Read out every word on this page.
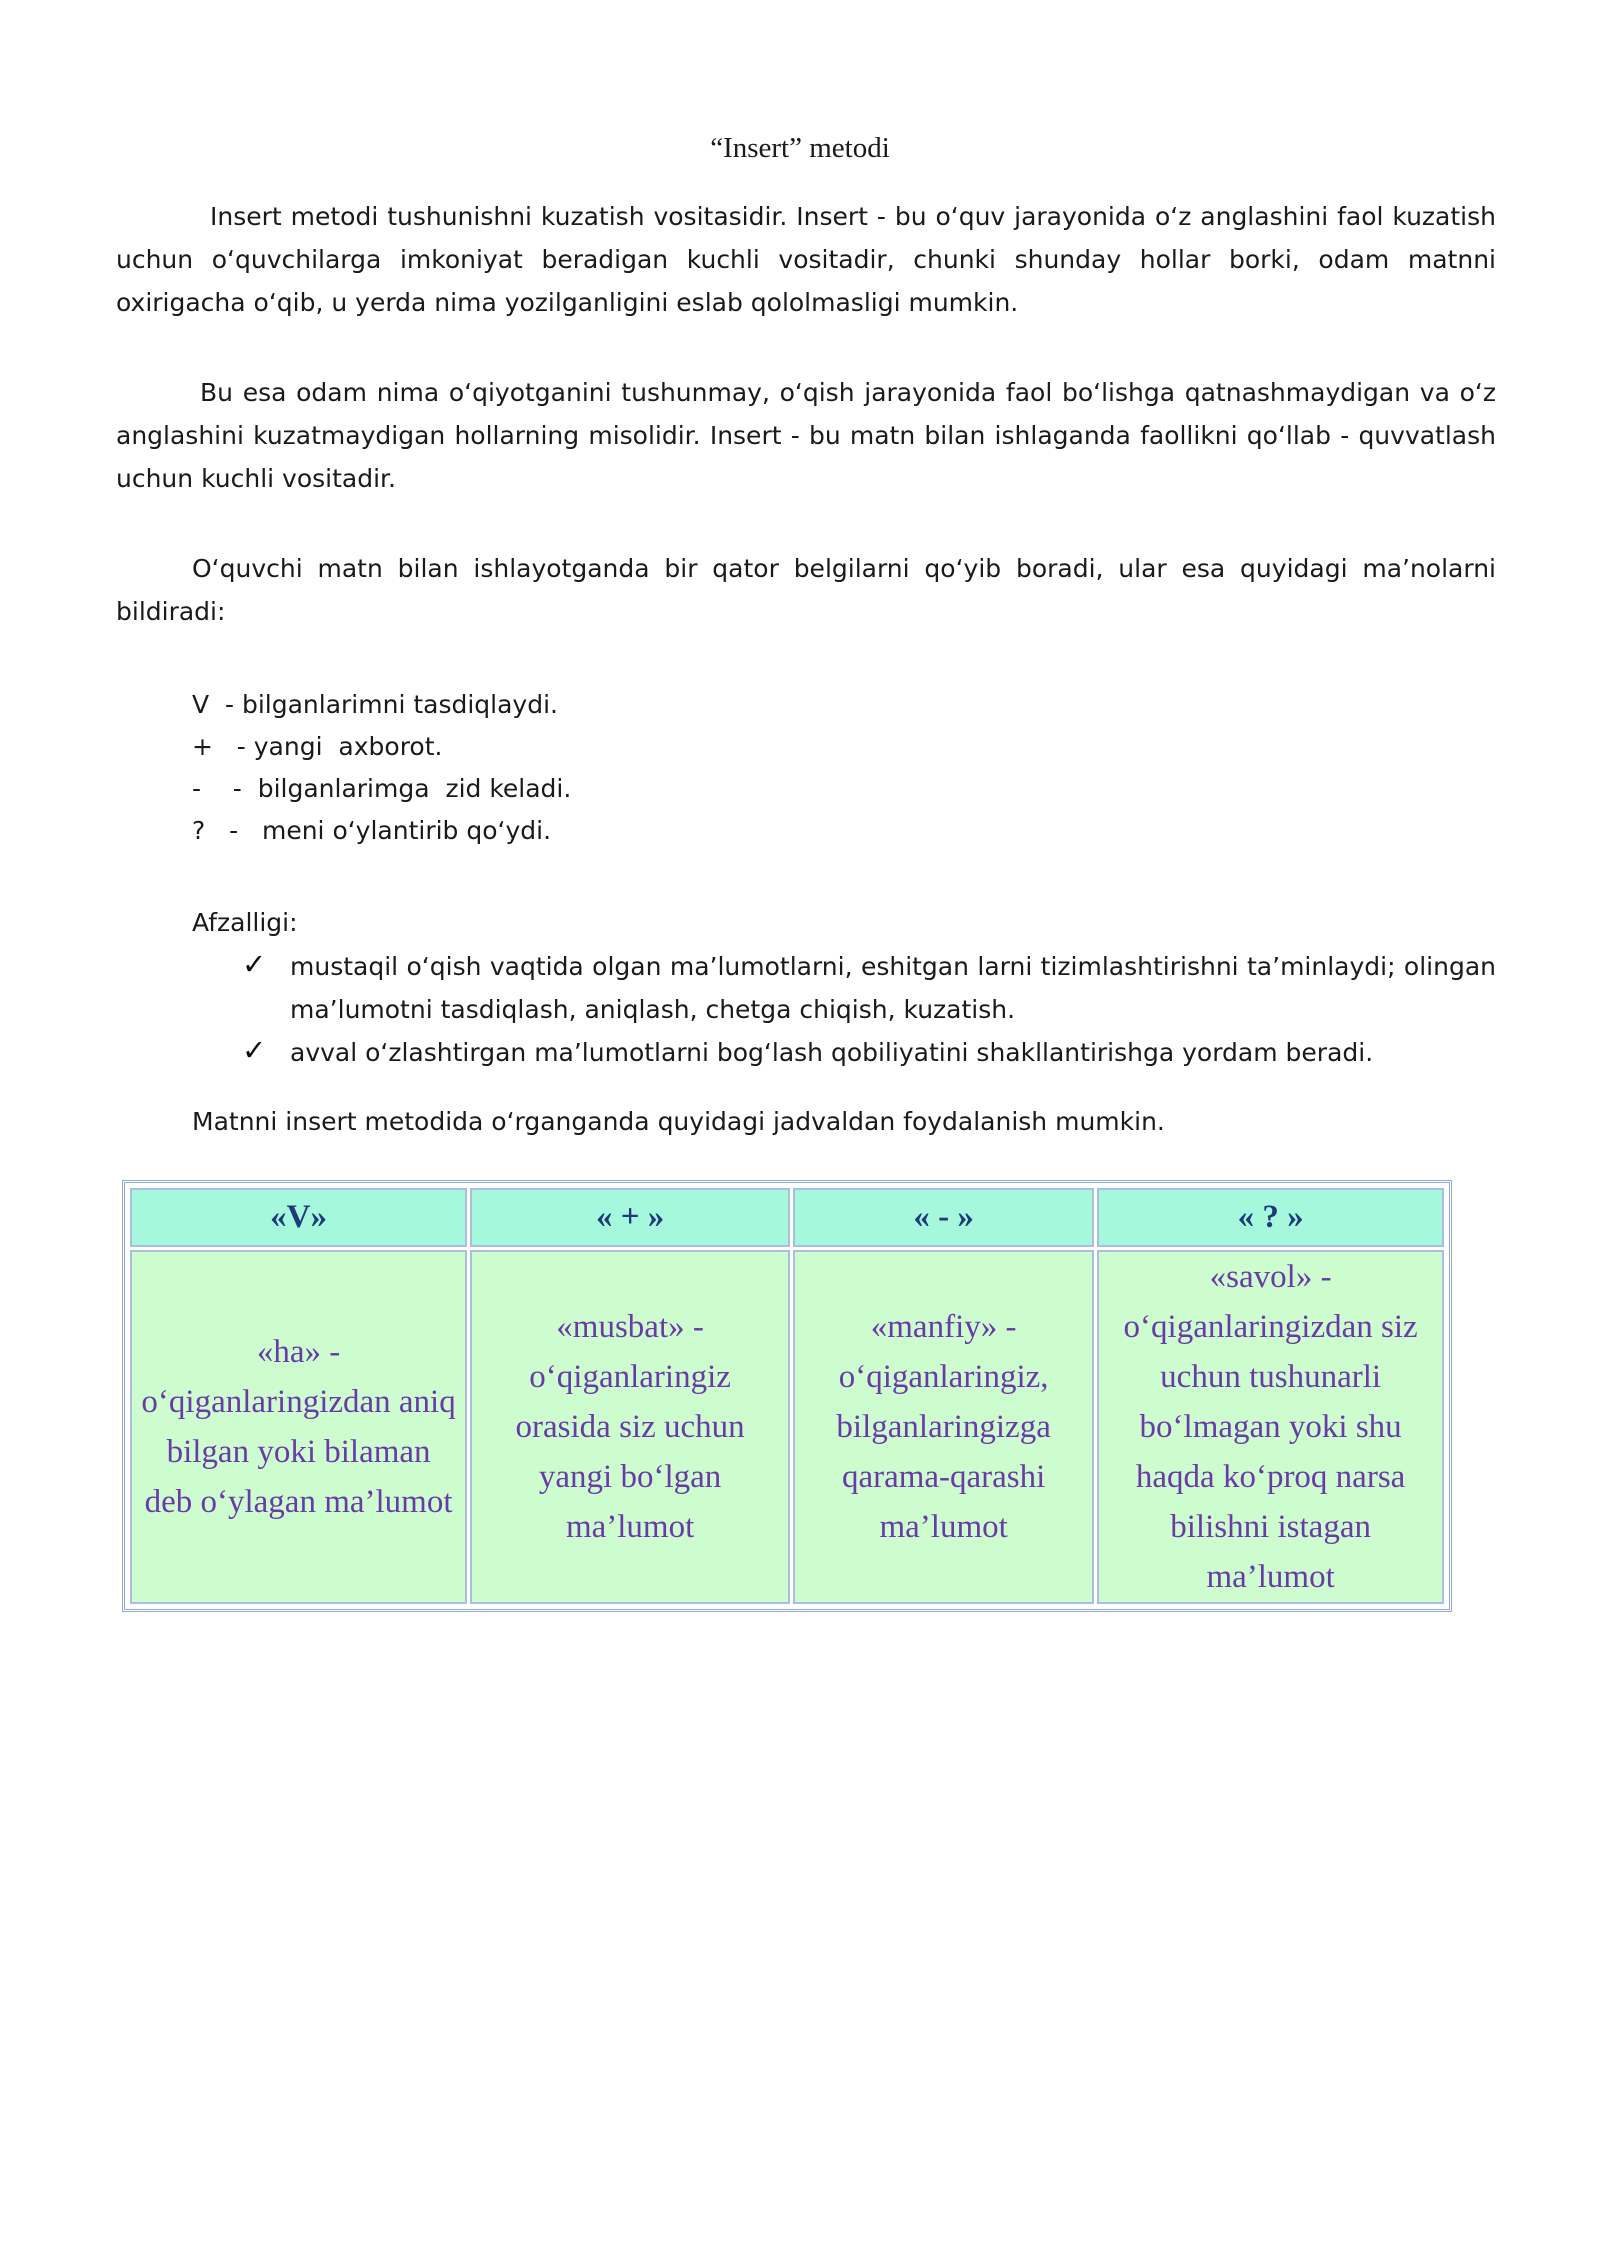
“Insert” metodi

Insert metodi tushunishni kuzatish vositasidir. Insert - bu o‘quv jarayonida o‘z anglashini faol kuzatish uchun o‘quvchilarga imkoniyat beradigan kuchli vositadir, chunki shunday hollar borki, odam matnni oxirigacha o‘qib, u yerda nima yozilganligini eslab qololmasligi mumkin.

Bu esa odam nima o‘qiyotganini tushunmay, o‘qish jarayonida faol bo‘lishga qatnashmaydigan va o‘z anglashini kuzatmaydigan hollarning misolidir. Insert - bu matn bilan ishlaganda faollikni qo‘llab - quvvatlash uchun kuchli vositadir.

O‘quvchi matn bilan ishlayotganda bir qator belgilarni qo‘yib boradi, ular esa quyidagi ma’nolarni bildiradi:

V  - bilganlarimni tasdiqlaydi.
+   - yangi  axborot.
-    -  bilganlarimga  zid keladi.
?   -   meni o‘ylantirib qo‘ydi.
Afzalligi:
✓ mustaqil o‘qish vaqtida olgan ma’lumotlarni, eshitgan larni tizimlashtirishni ta’minlaydi; olingan ma’lumotni tasdiqlash, aniqlash, chetga chiqish, kuzatish.
✓ avval o‘zlashtirgan ma’lumotlarni bog‘lash qobiliyatini shakllantirishga yordam beradi.
Matnni insert metodida o‘rganganda quyidagi jadvaldan foydalanish mumkin.
«V»	« + »	« - »	« ? »
«ha» - o‘qiganlaringizdan aniq bilgan yoki bilaman deb o‘ylagan ma’lumot	«musbat» - o‘qiganlaringiz orasida siz uchun yangi bo‘lgan ma’lumot	«manfiy» - o‘qiganlaringiz, bilganlaringizga qarama-qarashi ma’lumot	«savol» - o‘qiganlaringizdan siz uchun tushunarli bo‘lmagan yoki shu haqda ko‘proq narsa bilishni istagan ma’lumot
